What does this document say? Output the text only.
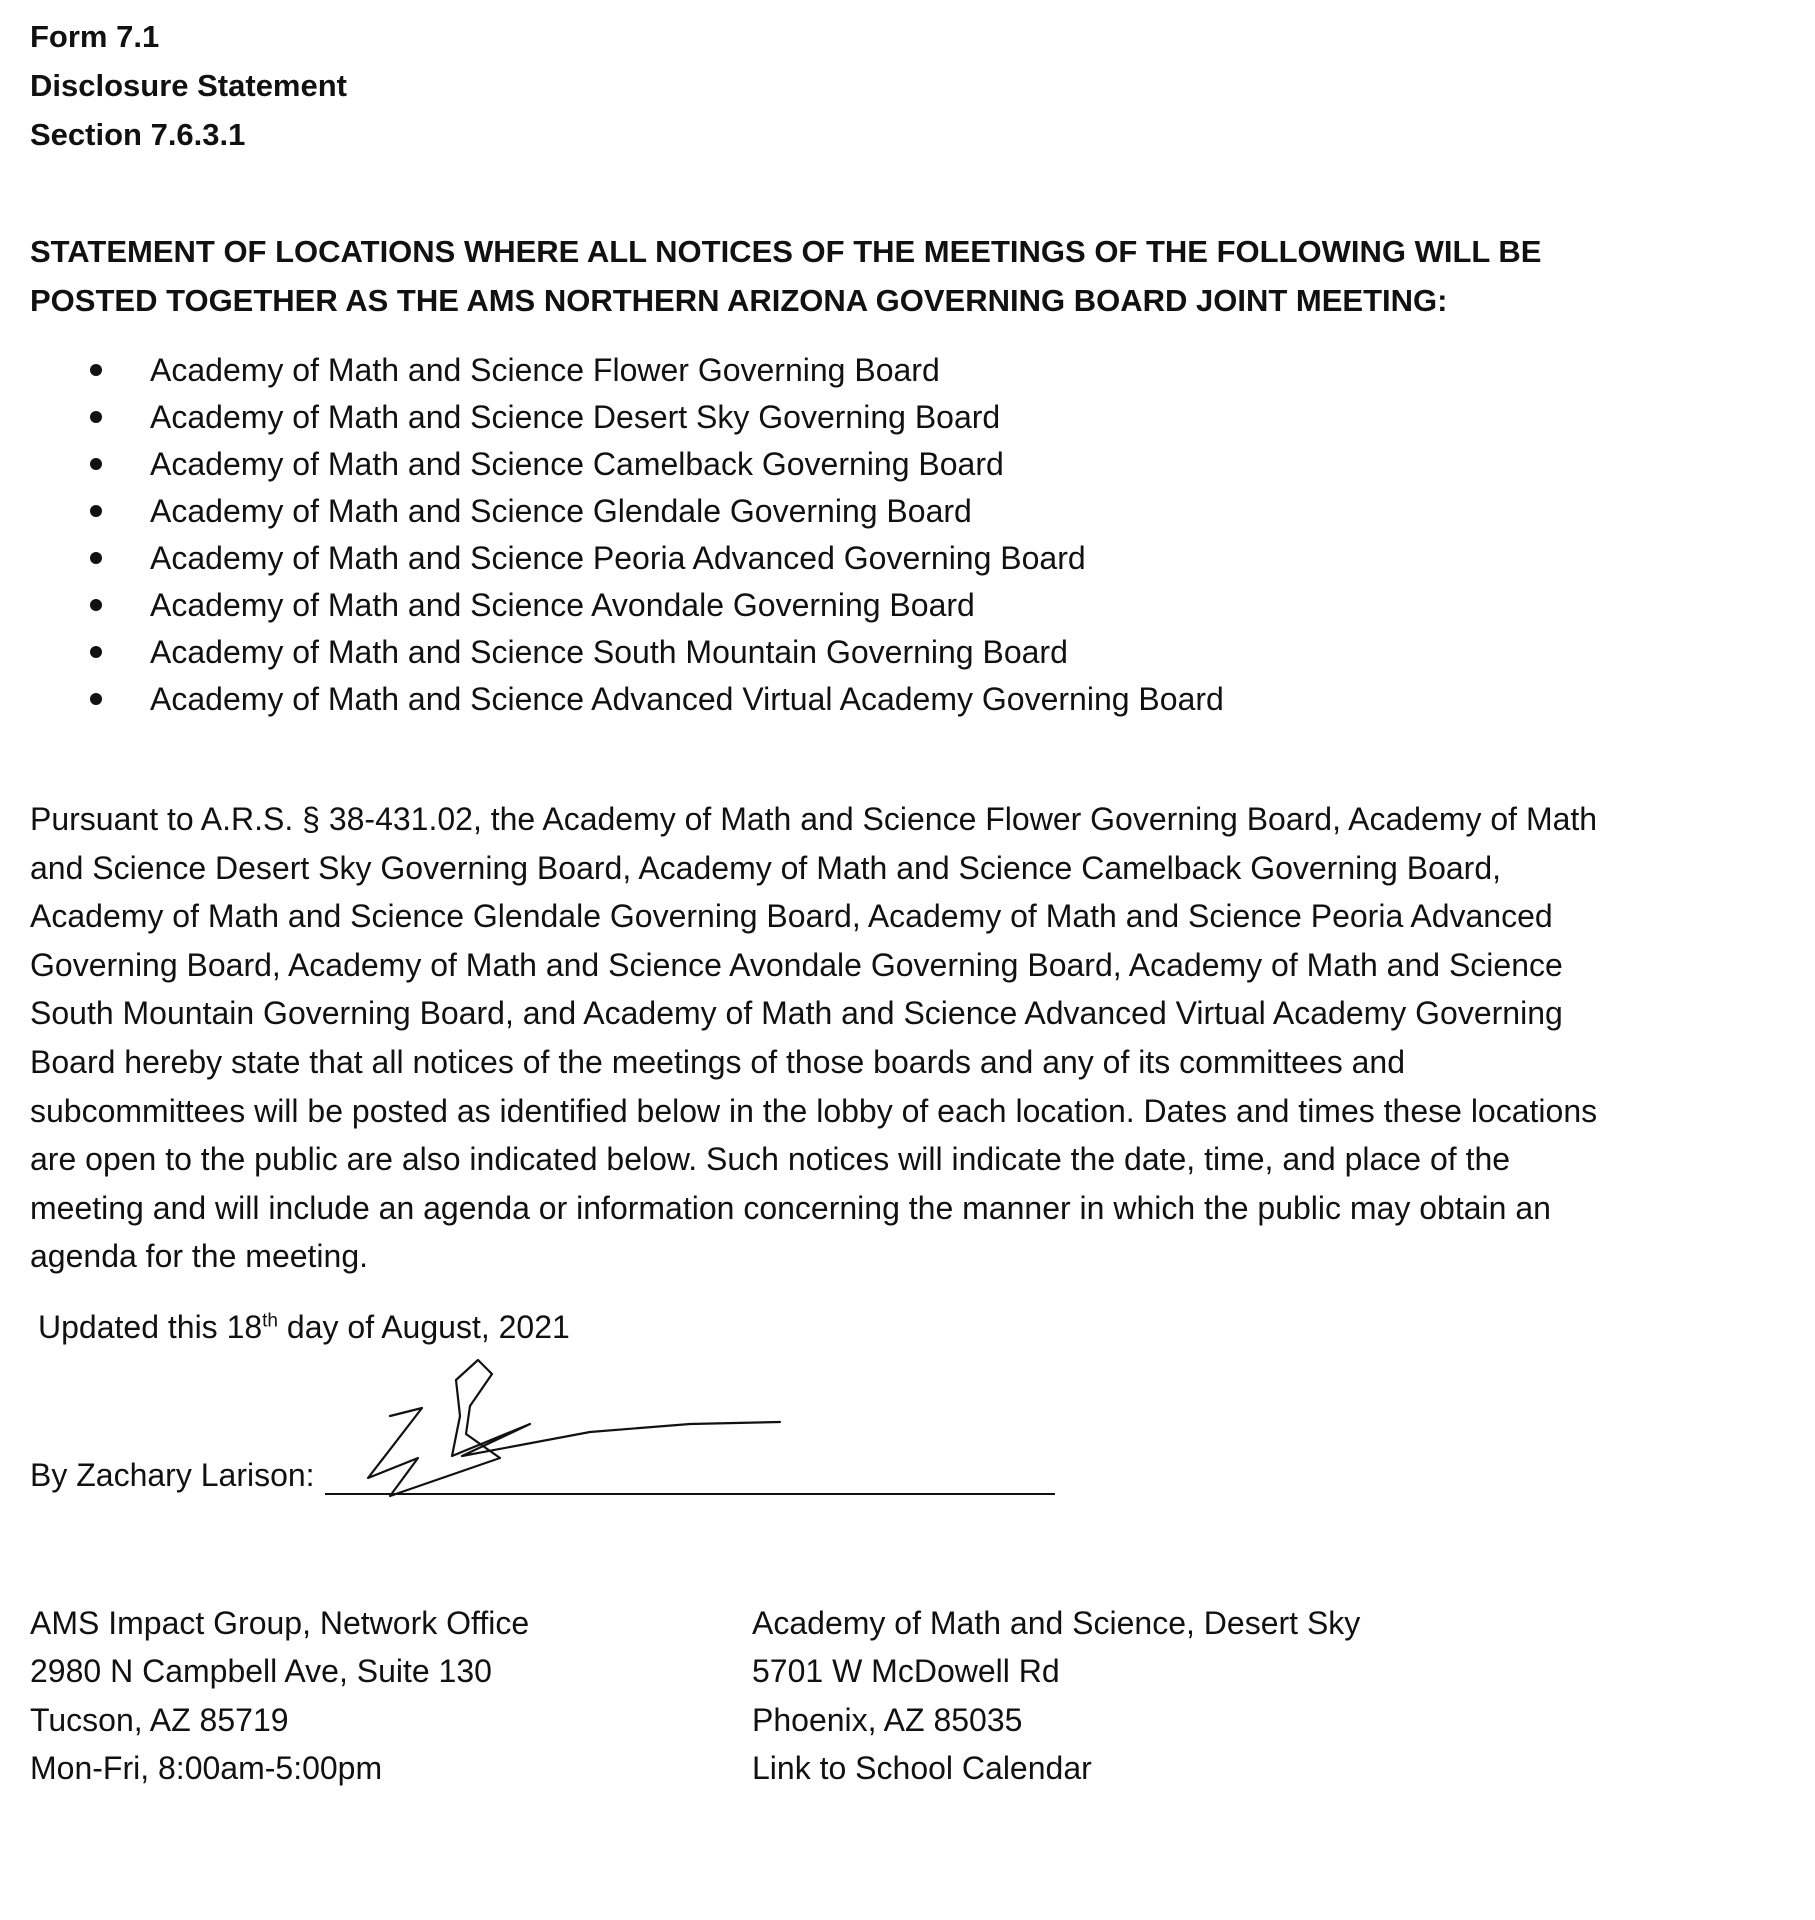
Form 7.1
Disclosure Statement
Section 7.6.3.1
STATEMENT OF LOCATIONS WHERE ALL NOTICES OF THE MEETINGS OF THE FOLLOWING WILL BE POSTED TOGETHER AS THE AMS NORTHERN ARIZONA GOVERNING BOARD JOINT MEETING:
Academy of Math and Science Flower Governing Board
Academy of Math and Science Desert Sky Governing Board
Academy of Math and Science Camelback Governing Board
Academy of Math and Science Glendale Governing Board
Academy of Math and Science Peoria Advanced Governing Board
Academy of Math and Science Avondale Governing Board
Academy of Math and Science South Mountain Governing Board
Academy of Math and Science Advanced Virtual Academy Governing Board
Pursuant to A.R.S. § 38-431.02, the Academy of Math and Science Flower Governing Board, Academy of Math and Science Desert Sky Governing Board, Academy of Math and Science Camelback Governing Board, Academy of Math and Science Glendale Governing Board, Academy of Math and Science Peoria Advanced Governing Board, Academy of Math and Science Avondale Governing Board, Academy of Math and Science South Mountain Governing Board, and Academy of Math and Science Advanced Virtual Academy Governing Board hereby state that all notices of the meetings of those boards and any of its committees and subcommittees will be posted as identified below in the lobby of each location. Dates and times these locations are open to the public are also indicated below. Such notices will indicate the date, time, and place of the meeting and will include an agenda or information concerning the manner in which the public may obtain an agenda for the meeting.
Updated this 18th day of August, 2021
By Zachary Larison:
AMS Impact Group, Network Office
2980 N Campbell Ave, Suite 130
Tucson, AZ 85719
Mon-Fri, 8:00am-5:00pm
Academy of Math and Science, Desert Sky
5701 W McDowell Rd
Phoenix, AZ 85035
Link to School Calendar
